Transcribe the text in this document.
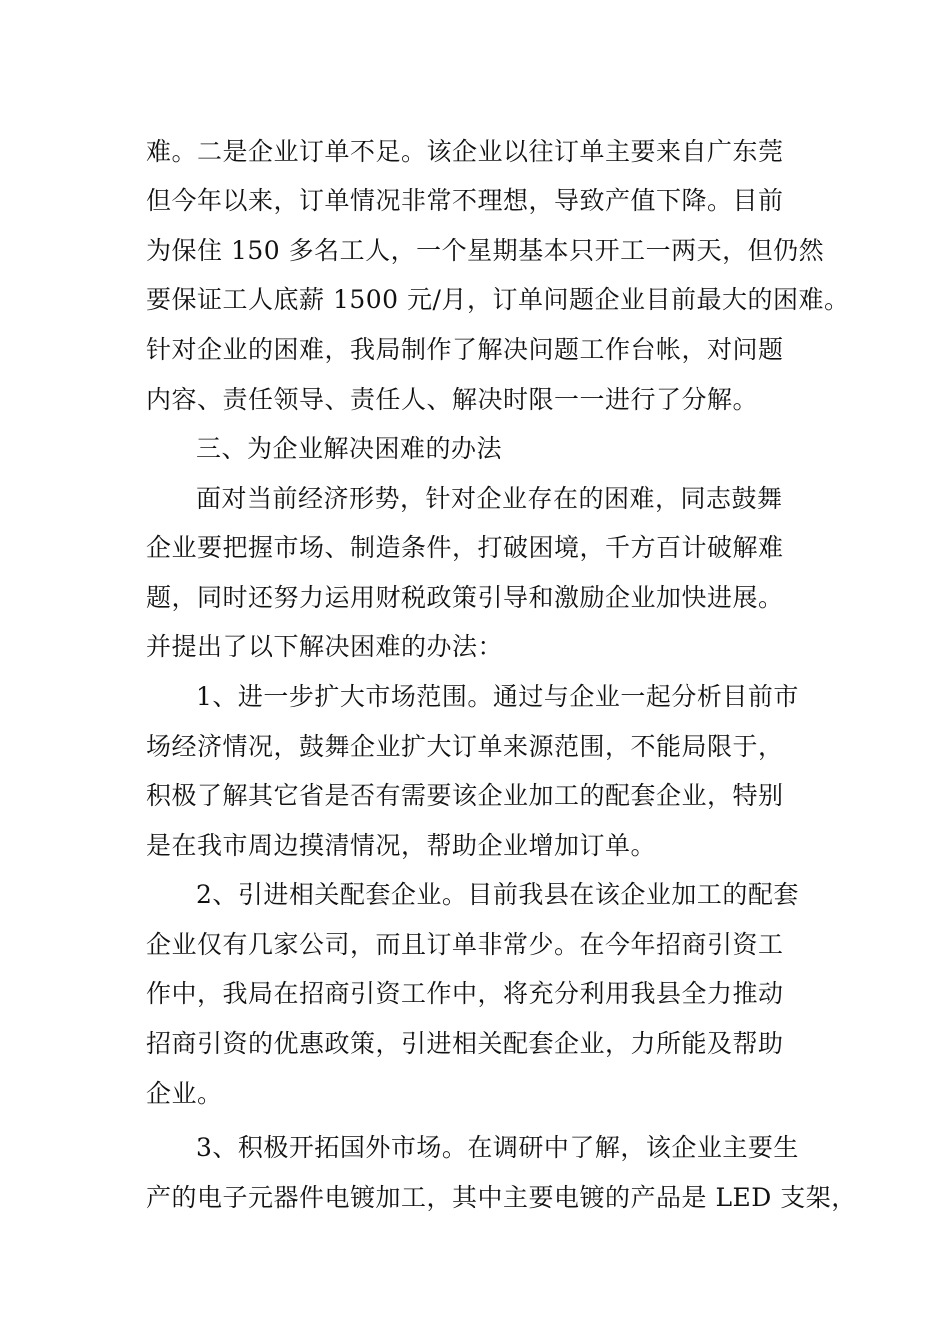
难。二是企业订单不足。该企业以往订单主要来自广东莞
但今年以来，订单情况非常不理想，导致产值下降。目前
为保住 150 多名工人，一个星期基本只开工一两天，但仍然
要保证工人底薪 1500 元/月，订单问题企业目前最大的困难。
针对企业的困难，我局制作了解决问题工作台帐，对问题
内容、责任领导、责任人、解决时限一一进行了分解。
三、为企业解决困难的办法
面对当前经济形势，针对企业存在的困难，同志鼓舞
企业要把握市场、制造条件，打破困境，千方百计破解难
题，同时还努力运用财税政策引导和激励企业加快进展。
并提出了以下解决困难的办法：
1、进一步扩大市场范围。通过与企业一起分析目前市
场经济情况，鼓舞企业扩大订单来源范围，不能局限于，
积极了解其它省是否有需要该企业加工的配套企业，特别
是在我市周边摸清情况，帮助企业增加订单。
2、引进相关配套企业。目前我县在该企业加工的配套
企业仅有几家公司，而且订单非常少。在今年招商引资工
作中，我局在招商引资工作中，将充分利用我县全力推动
招商引资的优惠政策，引进相关配套企业，力所能及帮助
企业。
3、积极开拓国外市场。在调研中了解，该企业主要生
产的电子元器件电镀加工，其中主要电镀的产品是 LED 支架，
